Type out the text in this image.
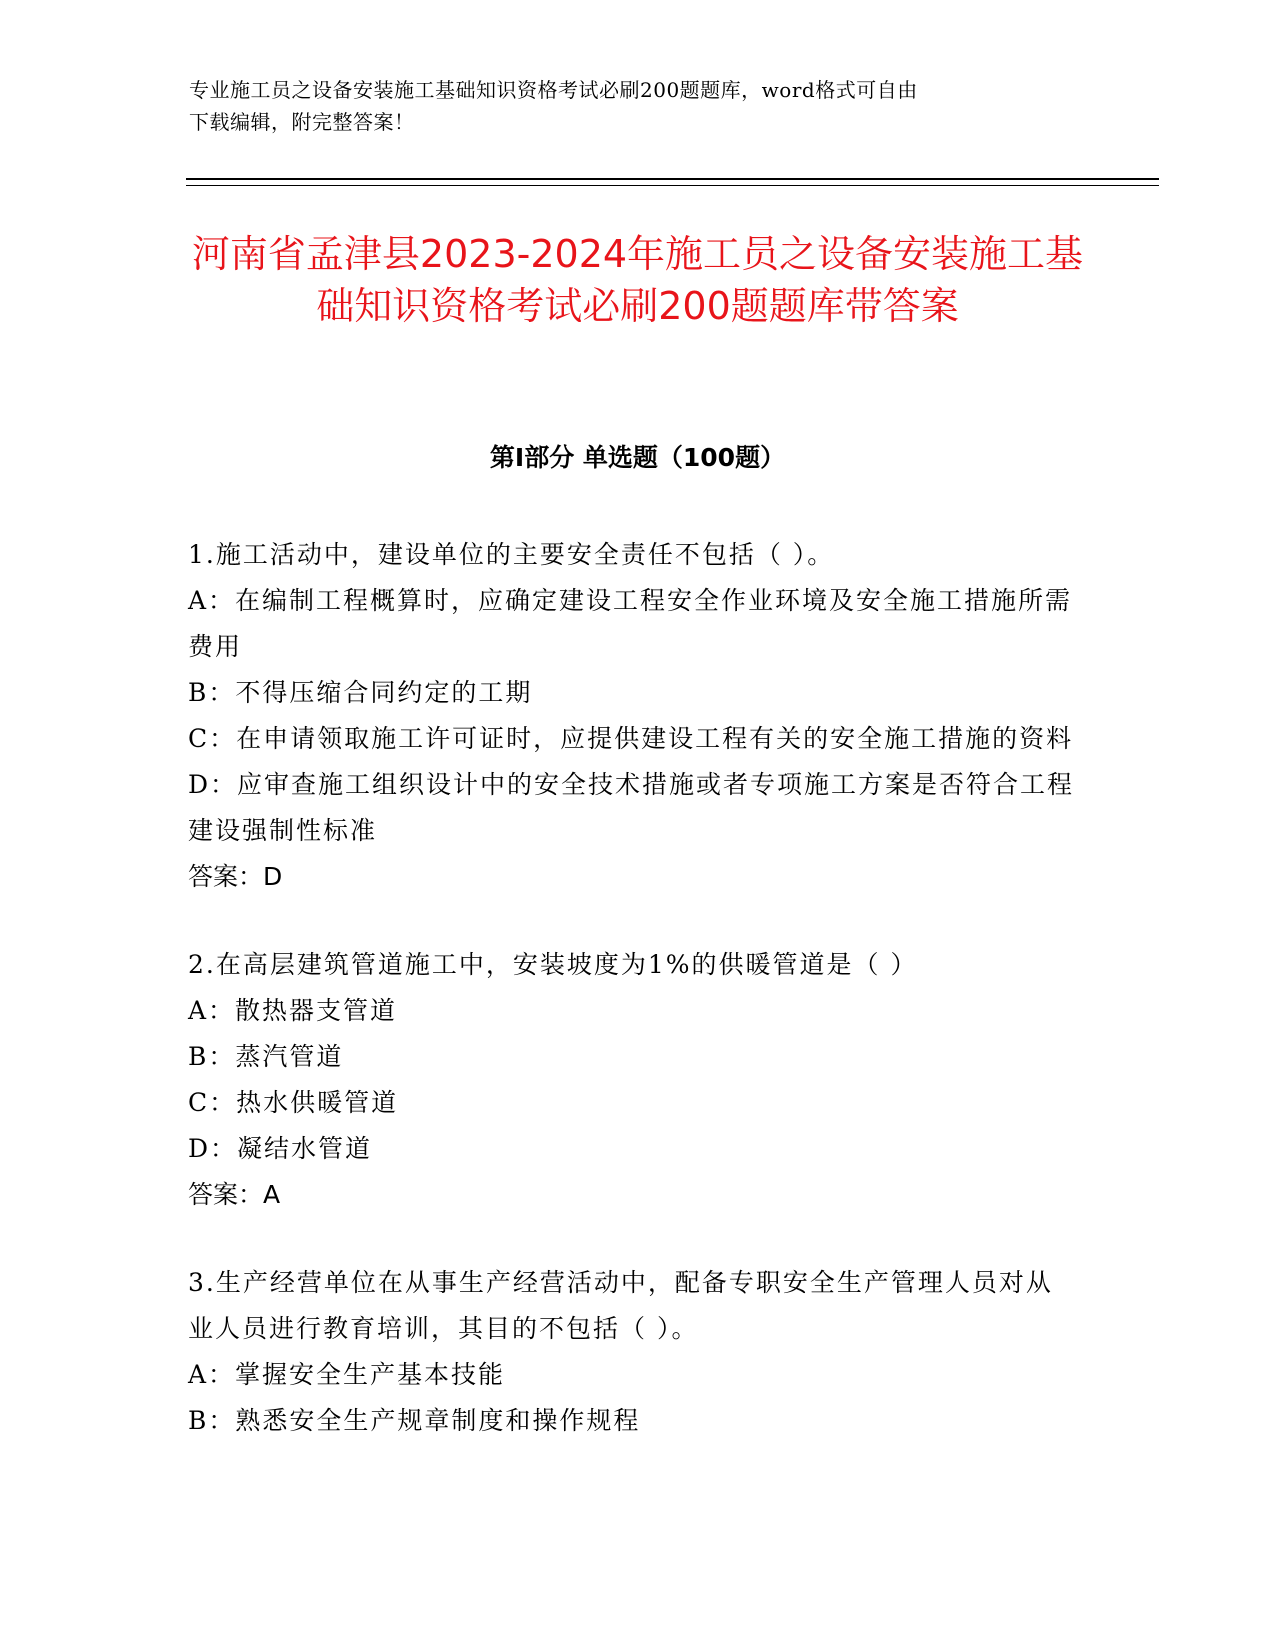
专业施工员之设备安装施工基础知识资格考试必刷200题题库，word格式可自由
下载编辑，附完整答案！
河南省孟津县2023-2024年施工员之设备安装施工基础知识资格考试必刷200题题库带答案
第Ⅰ部分 单选题（100题）

1.施工活动中，建设单位的主要安全责任不包括（ ）。

A：在编制工程概算时，应确定建设工程安全作业环境及安全施工措施所需费用

B：不得压缩合同约定的工期

C：在申请领取施工许可证时，应提供建设工程有关的安全施工措施的资料

D：应审查施工组织设计中的安全技术措施或者专项施工方案是否符合工程建设强制性标准

答案：D

2.在高层建筑管道施工中，安装坡度为1%的供暖管道是（ ）

A：散热器支管道

B：蒸汽管道

C：热水供暖管道

D：凝结水管道

答案：A

3.生产经营单位在从事生产经营活动中，配备专职安全生产管理人员对从业人员进行教育培训，其目的不包括（ ）。

A：掌握安全生产基本技能

B：熟悉安全生产规章制度和操作规程
